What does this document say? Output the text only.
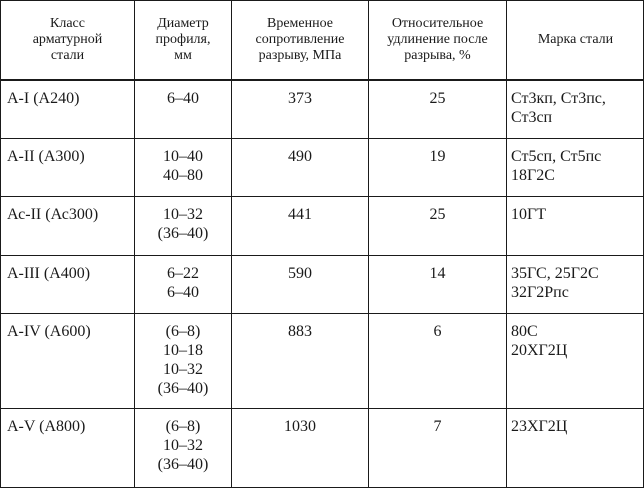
Класс
арматурной
стали	Диаметр
профиля,
мм	Временное
сопротивление
разрыву, МПа	Относительное
удлинение после
разрыва, %	Марка стали

А-I (А240)	6–40	373	25	Ст3кп, Ст3пс,
Ст3сп

А-II (А300)	10–40
40–80	490	19	Ст5сп, Ст5пс
18Г2С

Ас-II (Ас300)	10–32
(36–40)	441	25	10ГТ

А-III (А400)	6–22
6–40	590	14	35ГС, 25Г2С
32Г2Рпс

А-IV (А600)	(6–8)
10–18
10–32
(36–40)	883	6	80С
20ХГ2Ц

А-V (А800)	(6–8)
10–32
(36–40)	1030	7	23ХГ2Ц
